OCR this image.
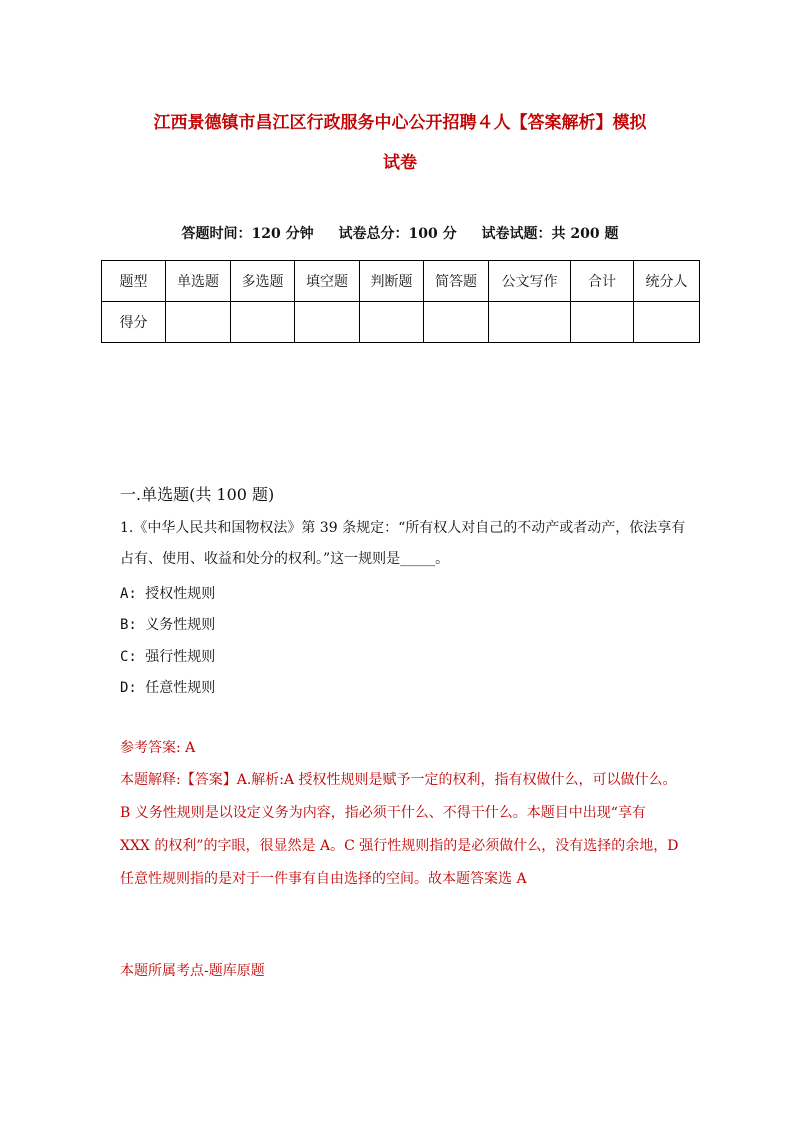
江西景德镇市昌江区行政服务中心公开招聘４人【答案解析】模拟
试卷
答题时间：120 分钟 试卷总分：100 分 试卷试题：共 200 题
题型	单选题	多选题	填空题	判断题	简答题	公文写作	合计	统分人
得分								
一.单选题(共 100 题)
1.《中华人民共和国物权法》第 39 条规定：“所有权人对自己的不动产或者动产，依法享有占有、使用、收益和处分的权利。”这一规则是_____。
A: 授权性规则
B: 义务性规则
C: 强行性规则
D: 任意性规则
参考答案: A
本题解释:【答案】A.解析:A 授权性规则是赋予一定的权利，指有权做什么，可以做什么。B 义务性规则是以设定义务为内容，指必须干什么、不得干什么。本题目中出现“享有 XXX 的权利”的字眼，很显然是 A。C 强行性规则指的是必须做什么，没有选择的余地，D 任意性规则指的是对于一件事有自由选择的空间。故本题答案选 A
本题所属考点-题库原题
